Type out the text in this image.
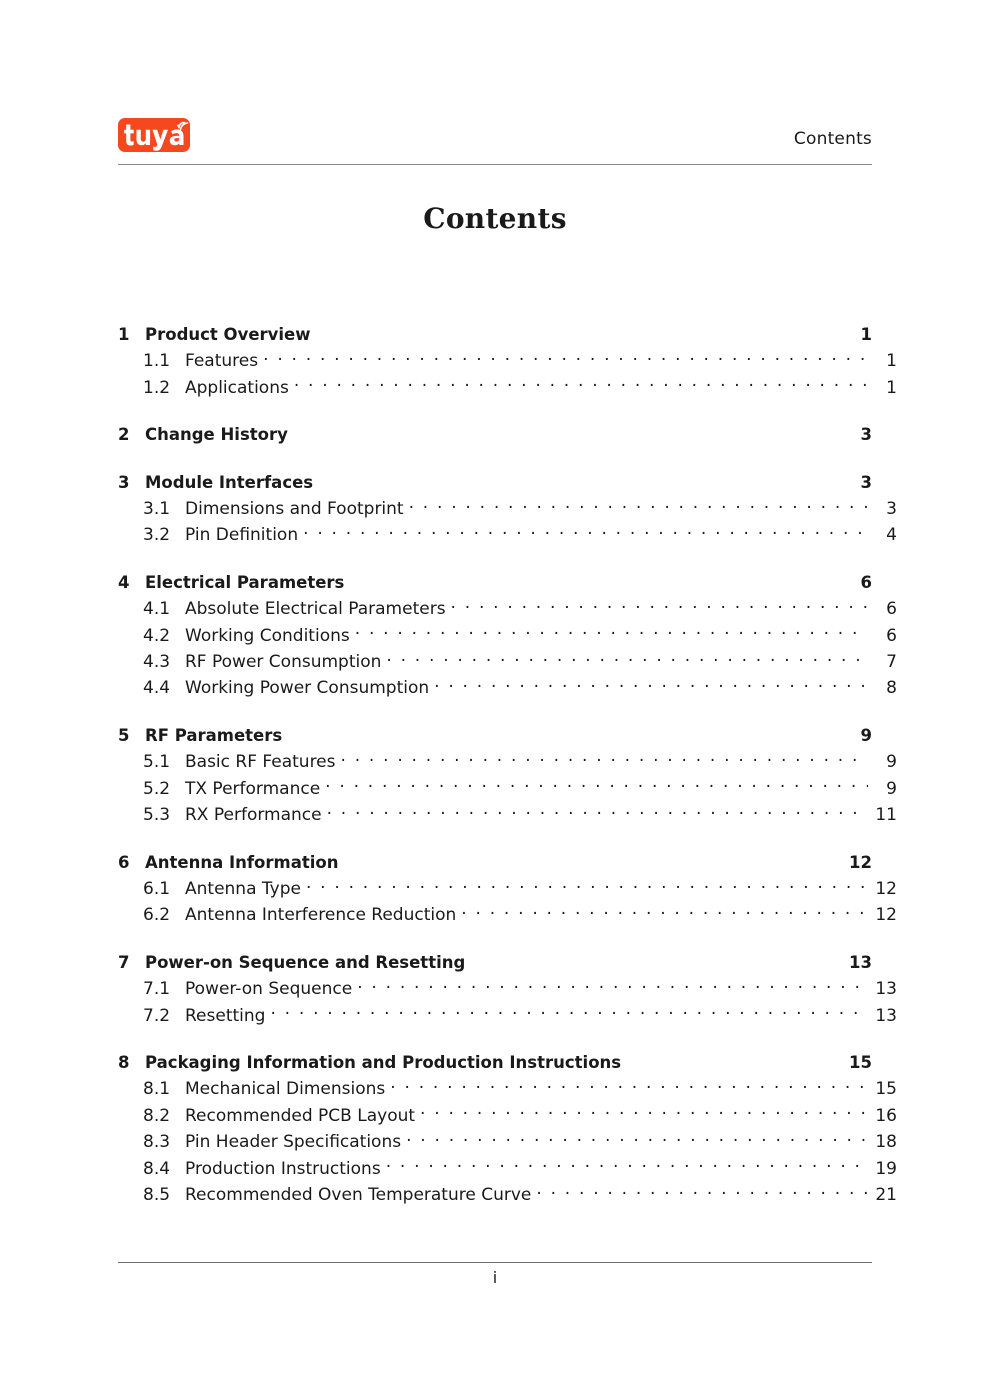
Contents
Contents
1 Product Overview	1
1.1 Features . . .	1
1.2 Applications . . .	1
2 Change History	3
3 Module Interfaces	3
3.1 Dimensions and Footprint . . .	3
3.2 Pin Definition . . .	4
4 Electrical Parameters	6
4.1 Absolute Electrical Parameters . . .	6
4.2 Working Conditions . . .	6
4.3 RF Power Consumption . . .	7
4.4 Working Power Consumption . . .	8
5 RF Parameters	9
5.1 Basic RF Features . . .	9
5.2 TX Performance . . .	9
5.3 RX Performance . . .	11
6 Antenna Information	12
6.1 Antenna Type . . .	12
6.2 Antenna Interference Reduction . . .	12
7 Power-on Sequence and Resetting	13
7.1 Power-on Sequence . . .	13
7.2 Resetting . . .	13
8 Packaging Information and Production Instructions	15
8.1 Mechanical Dimensions . . .	15
8.2 Recommended PCB Layout . . .	16
8.3 Pin Header Specifications . . .	18
8.4 Production Instructions . . .	19
8.5 Recommended Oven Temperature Curve . . .	21
i
